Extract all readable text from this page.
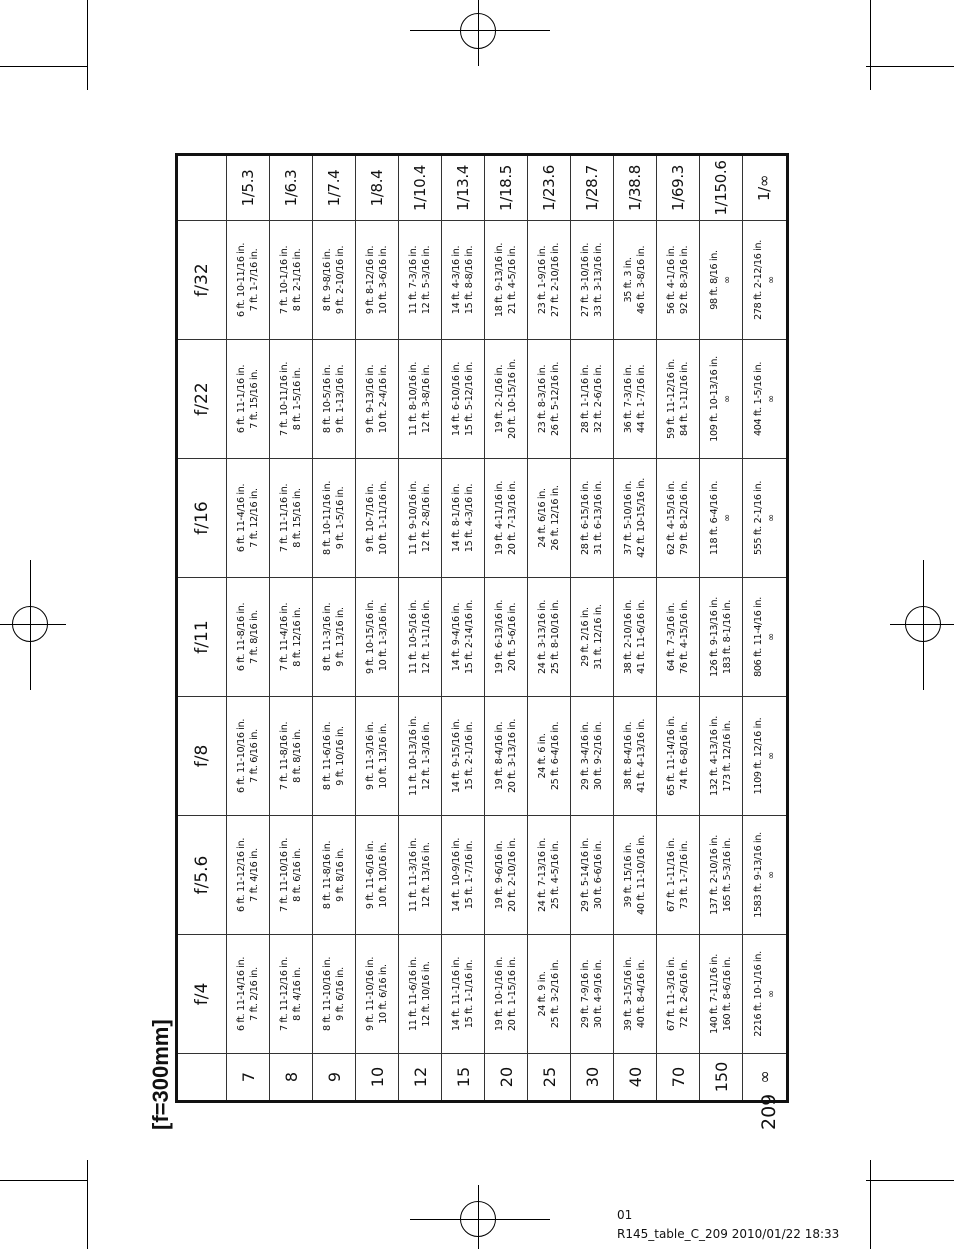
[f=300mm]	209
	f/4	f/5.6	f/8	f/11	f/16	f/22	f/32	
7	6 ft. 11-14/16 in. 7 ft. 2/16 in.	6 ft. 11-12/16 in. 7 ft. 4/16 in.	6 ft. 11-10/16 in. 7 ft. 6/16 in.	6 ft. 11-8/16 in. 7 ft. 8/16 in.	6 ft. 11-4/16 in. 7 ft. 12/16 in.	6 ft. 11-1/16 in. 7 ft. 15/16 in.	6 ft. 10-11/16 in. 7 ft. 1-7/16 in.	1/5.3
8	7 ft. 11-12/16 in. 8 ft. 4/16 in.	7 ft. 11-10/16 in. 8 ft. 6/16 in.	7 ft. 11-8/16 in. 8 ft. 8/16 in.	7 ft. 11-4/16 in. 8 ft. 12/16 in.	7 ft. 11-1/16 in. 8 ft. 15/16 in.	7 ft. 10-11/16 in. 8 ft. 1-5/16 in.	7 ft. 10-1/16 in. 8 ft. 2-1/16 in.	1/6.3
9	8 ft. 11-10/16 in. 9 ft. 6/16 in.	8 ft. 11-8/16 in. 9 ft. 8/16 in.	8 ft. 11-6/16 in. 9 ft. 10/16 in.	8 ft. 11-3/16 in. 9 ft. 13/16 in.	8 ft. 10-11/16 in. 9 ft. 1-5/16 in.	8 ft. 10-5/16 in. 9 ft. 1-13/16 in.	8 ft. 9-8/16 in. 9 ft. 2-10/16 in.	1/7.4
10	9 ft. 11-10/16 in. 10 ft. 6/16 in.	9 ft. 11-6/16 in. 10 ft. 10/16 in.	9 ft. 11-3/16 in. 10 ft. 13/16 in.	9 ft. 10-15/16 in. 10 ft. 1-3/16 in.	9 ft. 10-7/16 in. 10 ft. 1-11/16 in.	9 ft. 9-13/16 in. 10 ft. 2-4/16 in.	9 ft. 8-12/16 in. 10 ft. 3-6/16 in.	1/8.4
12	11 ft. 11-6/16 in. 12 ft. 10/16 in.	11 ft. 11-3/16 in. 12 ft. 13/16 in.	11 ft. 10-13/16 in. 12 ft. 1-3/16 in.	11 ft. 10-5/16 in. 12 ft. 1-11/16 in.	11 ft. 9-10/16 in. 12 ft. 2-8/16 in.	11 ft. 8-10/16 in. 12 ft. 3-8/16 in.	11 ft. 7-3/16 in. 12 ft. 5-3/16 in.	1/10.4
15	14 ft. 11-1/16 in. 15 ft. 1-1/16 in.	14 ft. 10-9/16 in. 15 ft. 1-7/16 in.	14 ft. 9-15/16 in. 15 ft. 2-1/16 in.	14 ft. 9-4/16 in. 15 ft. 2-14/16 in.	14 ft. 8-1/16 in. 15 ft. 4-3/16 in.	14 ft. 6-10/16 in. 15 ft. 5-12/16 in.	14 ft. 4-3/16 in. 15 ft. 8-8/16 in.	1/13.4
20	19 ft. 10-1/16 in. 20 ft. 1-15/16 in.	19 ft. 9-6/16 in. 20 ft. 2-10/16 in.	19 ft. 8-4/16 in. 20 ft. 3-13/16 in.	19 ft. 6-13/16 in. 20 ft. 5-6/16 in.	19 ft. 4-11/16 in. 20 ft. 7-13/16 in.	19 ft. 2-1/16 in. 20 ft. 10-15/16 in.	18 ft. 9-13/16 in. 21 ft. 4-5/16 in.	1/18.5
25	24 ft. 9 in. 25 ft. 3-2/16 in.	24 ft. 7-13/16 in. 25 ft. 4-5/16 in.	24 ft. 6 in. 25 ft. 6-4/16 in.	24 ft. 3-13/16 in. 25 ft. 8-10/16 in.	24 ft. 6/16 in. 26 ft. 12/16 in.	23 ft. 8-3/16 in. 26 ft. 5-12/16 in.	23 ft. 1-9/16 in. 27 ft. 2-10/16 in.	1/23.6
30	29 ft. 7-9/16 in. 30 ft. 4-9/16 in.	29 ft. 5-14/16 in. 30 ft. 6-6/16 in.	29 ft. 3-4/16 in. 30 ft. 9-2/16 in.	29 ft. 2/16 in. 31 ft. 12/16 in.	28 ft. 6-15/16 in. 31 ft. 6-13/16 in.	28 ft. 1-1/16 in. 32 ft. 2-6/16 in.	27 ft. 3-10/16 in. 33 ft. 3-13/16 in.	1/28.7
40	39 ft. 3-15/16 in. 40 ft. 8-4/16 in.	39 ft. 15/16 in. 40 ft. 11-10/16 in.	38 ft. 8-4/16 in. 41 ft. 4-13/16 in.	38 ft. 2-10/16 in. 41 ft. 11-6/16 in.	37 ft. 5-10/16 in. 42 ft. 10-15/16 in.	36 ft. 7-3/16 in. 44 ft. 1-7/16 in.	35 ft. 3 in. 46 ft. 3-8/16 in.	1/38.8
70	67 ft. 11-3/16 in. 72 ft. 2-6/16 in.	67 ft. 1-11/16 in. 73 ft. 1-7/16 in.	65 ft. 11-14/16 in. 74 ft. 6-8/16 in.	64 ft. 7-3/16 in. 76 ft. 4-15/16 in.	62 ft. 4-15/16 in. 79 ft. 8-12/16 in.	59 ft. 11-12/16 in. 84 ft. 1-11/16 in.	56 ft. 4-1/16 in. 92 ft. 8-3/16 in.	1/69.3
150	140 ft. 7-11/16 in. 160 ft. 8-6/16 in.	137 ft. 2-10/16 in. 165 ft. 5-3/16 in.	132 ft. 4-13/16 in. 173 ft. 12/16 in.	126 ft. 9-13/16 in. 183 ft. 8-1/16 in.	118 ft. 6-4/16 in. ∞	109 ft. 10-13/16 in. ∞	98 ft. 8/16 in. ∞	1/150.6
∞	2216 ft. 10-1/16 in. ∞	1583 ft. 9-13/16 in. ∞	1109 ft. 12/16 in. ∞	806 ft. 11-4/16 in. ∞	555 ft. 2-1/16 in. ∞	404 ft. 1-5/16 in. ∞	278 ft. 2-12/16 in. ∞	1/∞
01
R145_table_C_209 2010/01/22 18:33
